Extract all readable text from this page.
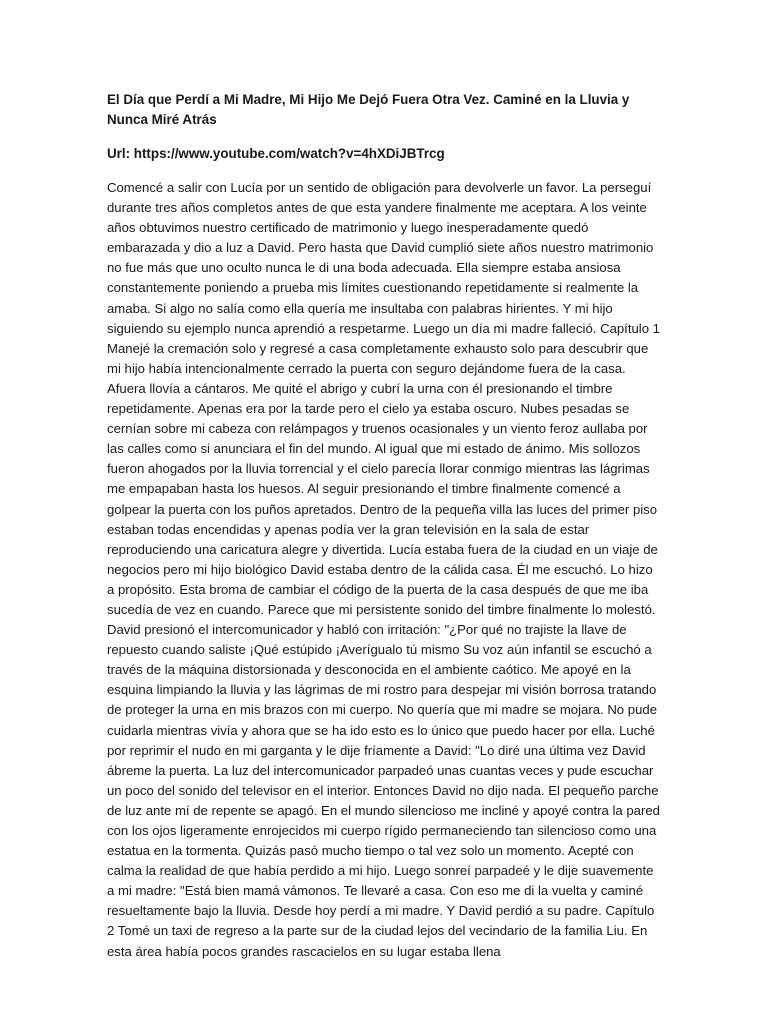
El Día que Perdí a Mi Madre, Mi Hijo Me Dejó Fuera Otra Vez. Caminé en la Lluvia y Nunca Miré Atrás

Url: https://www.youtube.com/watch?v=4hXDiJBTrcg

Comencé a salir con Lucía por un sentido de obligación para devolverle un favor. La perseguí durante tres años completos antes de que esta yandere finalmente me aceptara. A los veinte años obtuvimos nuestro certificado de matrimonio y luego inesperadamente quedó embarazada y dio a luz a David. Pero hasta que David cumplió siete años nuestro matrimonio no fue más que uno oculto nunca le di una boda adecuada. Ella siempre estaba ansiosa constantemente poniendo a prueba mis límites cuestionando repetidamente si realmente la amaba. Si algo no salía como ella quería me insultaba con palabras hirientes. Y mi hijo siguiendo su ejemplo nunca aprendió a respetarme. Luego un día mi madre falleció. Capítulo 1 Manejé la cremación solo y regresé a casa completamente exhausto solo para descubrir que mi hijo había intencionalmente cerrado la puerta con seguro dejándome fuera de la casa. Afuera llovía a cántaros. Me quité el abrigo y cubrí la urna con él presionando el timbre repetidamente. Apenas era por la tarde pero el cielo ya estaba oscuro. Nubes pesadas se cernían sobre mi cabeza con relámpagos y truenos ocasionales y un viento feroz aullaba por las calles como si anunciara el fin del mundo. Al igual que mi estado de ánimo. Mis sollozos fueron ahogados por la lluvia torrencial y el cielo parecía llorar conmigo mientras las lágrimas me empapaban hasta los huesos. Al seguir presionando el timbre finalmente comencé a golpear la puerta con los puños apretados. Dentro de la pequeña villa las luces del primer piso estaban todas encendidas y apenas podía ver la gran televisión en la sala de estar reproduciendo una caricatura alegre y divertida. Lucía estaba fuera de la ciudad en un viaje de negocios pero mi hijo biológico David estaba dentro de la cálida casa. Él me escuchó. Lo hizo a propósito. Esta broma de cambiar el código de la puerta de la casa después de que me iba sucedía de vez en cuando. Parece que mi persistente sonido del timbre finalmente lo molestó. David presionó el intercomunicador y habló con irritación: "¿Por qué no trajiste la llave de repuesto cuando saliste ¡Qué estúpido ¡Averígualo tú mismo Su voz aún infantil se escuchó a través de la máquina distorsionada y desconocida en el ambiente caótico. Me apoyé en la esquina limpiando la lluvia y las lágrimas de mi rostro para despejar mi visión borrosa tratando de proteger la urna en mis brazos con mi cuerpo. No quería que mi madre se mojara. No pude cuidarla mientras vivía y ahora que se ha ido esto es lo único que puedo hacer por ella. Luché por reprimir el nudo en mi garganta y le dije fríamente a David: "Lo diré una última vez David ábreme la puerta. La luz del intercomunicador parpadeó unas cuantas veces y pude escuchar un poco del sonido del televisor en el interior. Entonces David no dijo nada. El pequeño parche de luz ante mí de repente se apagó. En el mundo silencioso me incliné y apoyé contra la pared con los ojos ligeramente enrojecidos mi cuerpo rígido permaneciendo tan silencioso como una estatua en la tormenta. Quizás pasó mucho tiempo o tal vez solo un momento. Acepté con calma la realidad de que había perdido a mi hijo. Luego sonreí parpadeé y le dije suavemente a mi madre: "Está bien mamá vámonos. Te llevaré a casa. Con eso me di la vuelta y caminé resueltamente bajo la lluvia. Desde hoy perdí a mi madre. Y David perdió a su padre. Capítulo 2 Tomé un taxi de regreso a la parte sur de la ciudad lejos del vecindario de la familia Liu. En esta área había pocos grandes rascacielos en su lugar estaba llena
